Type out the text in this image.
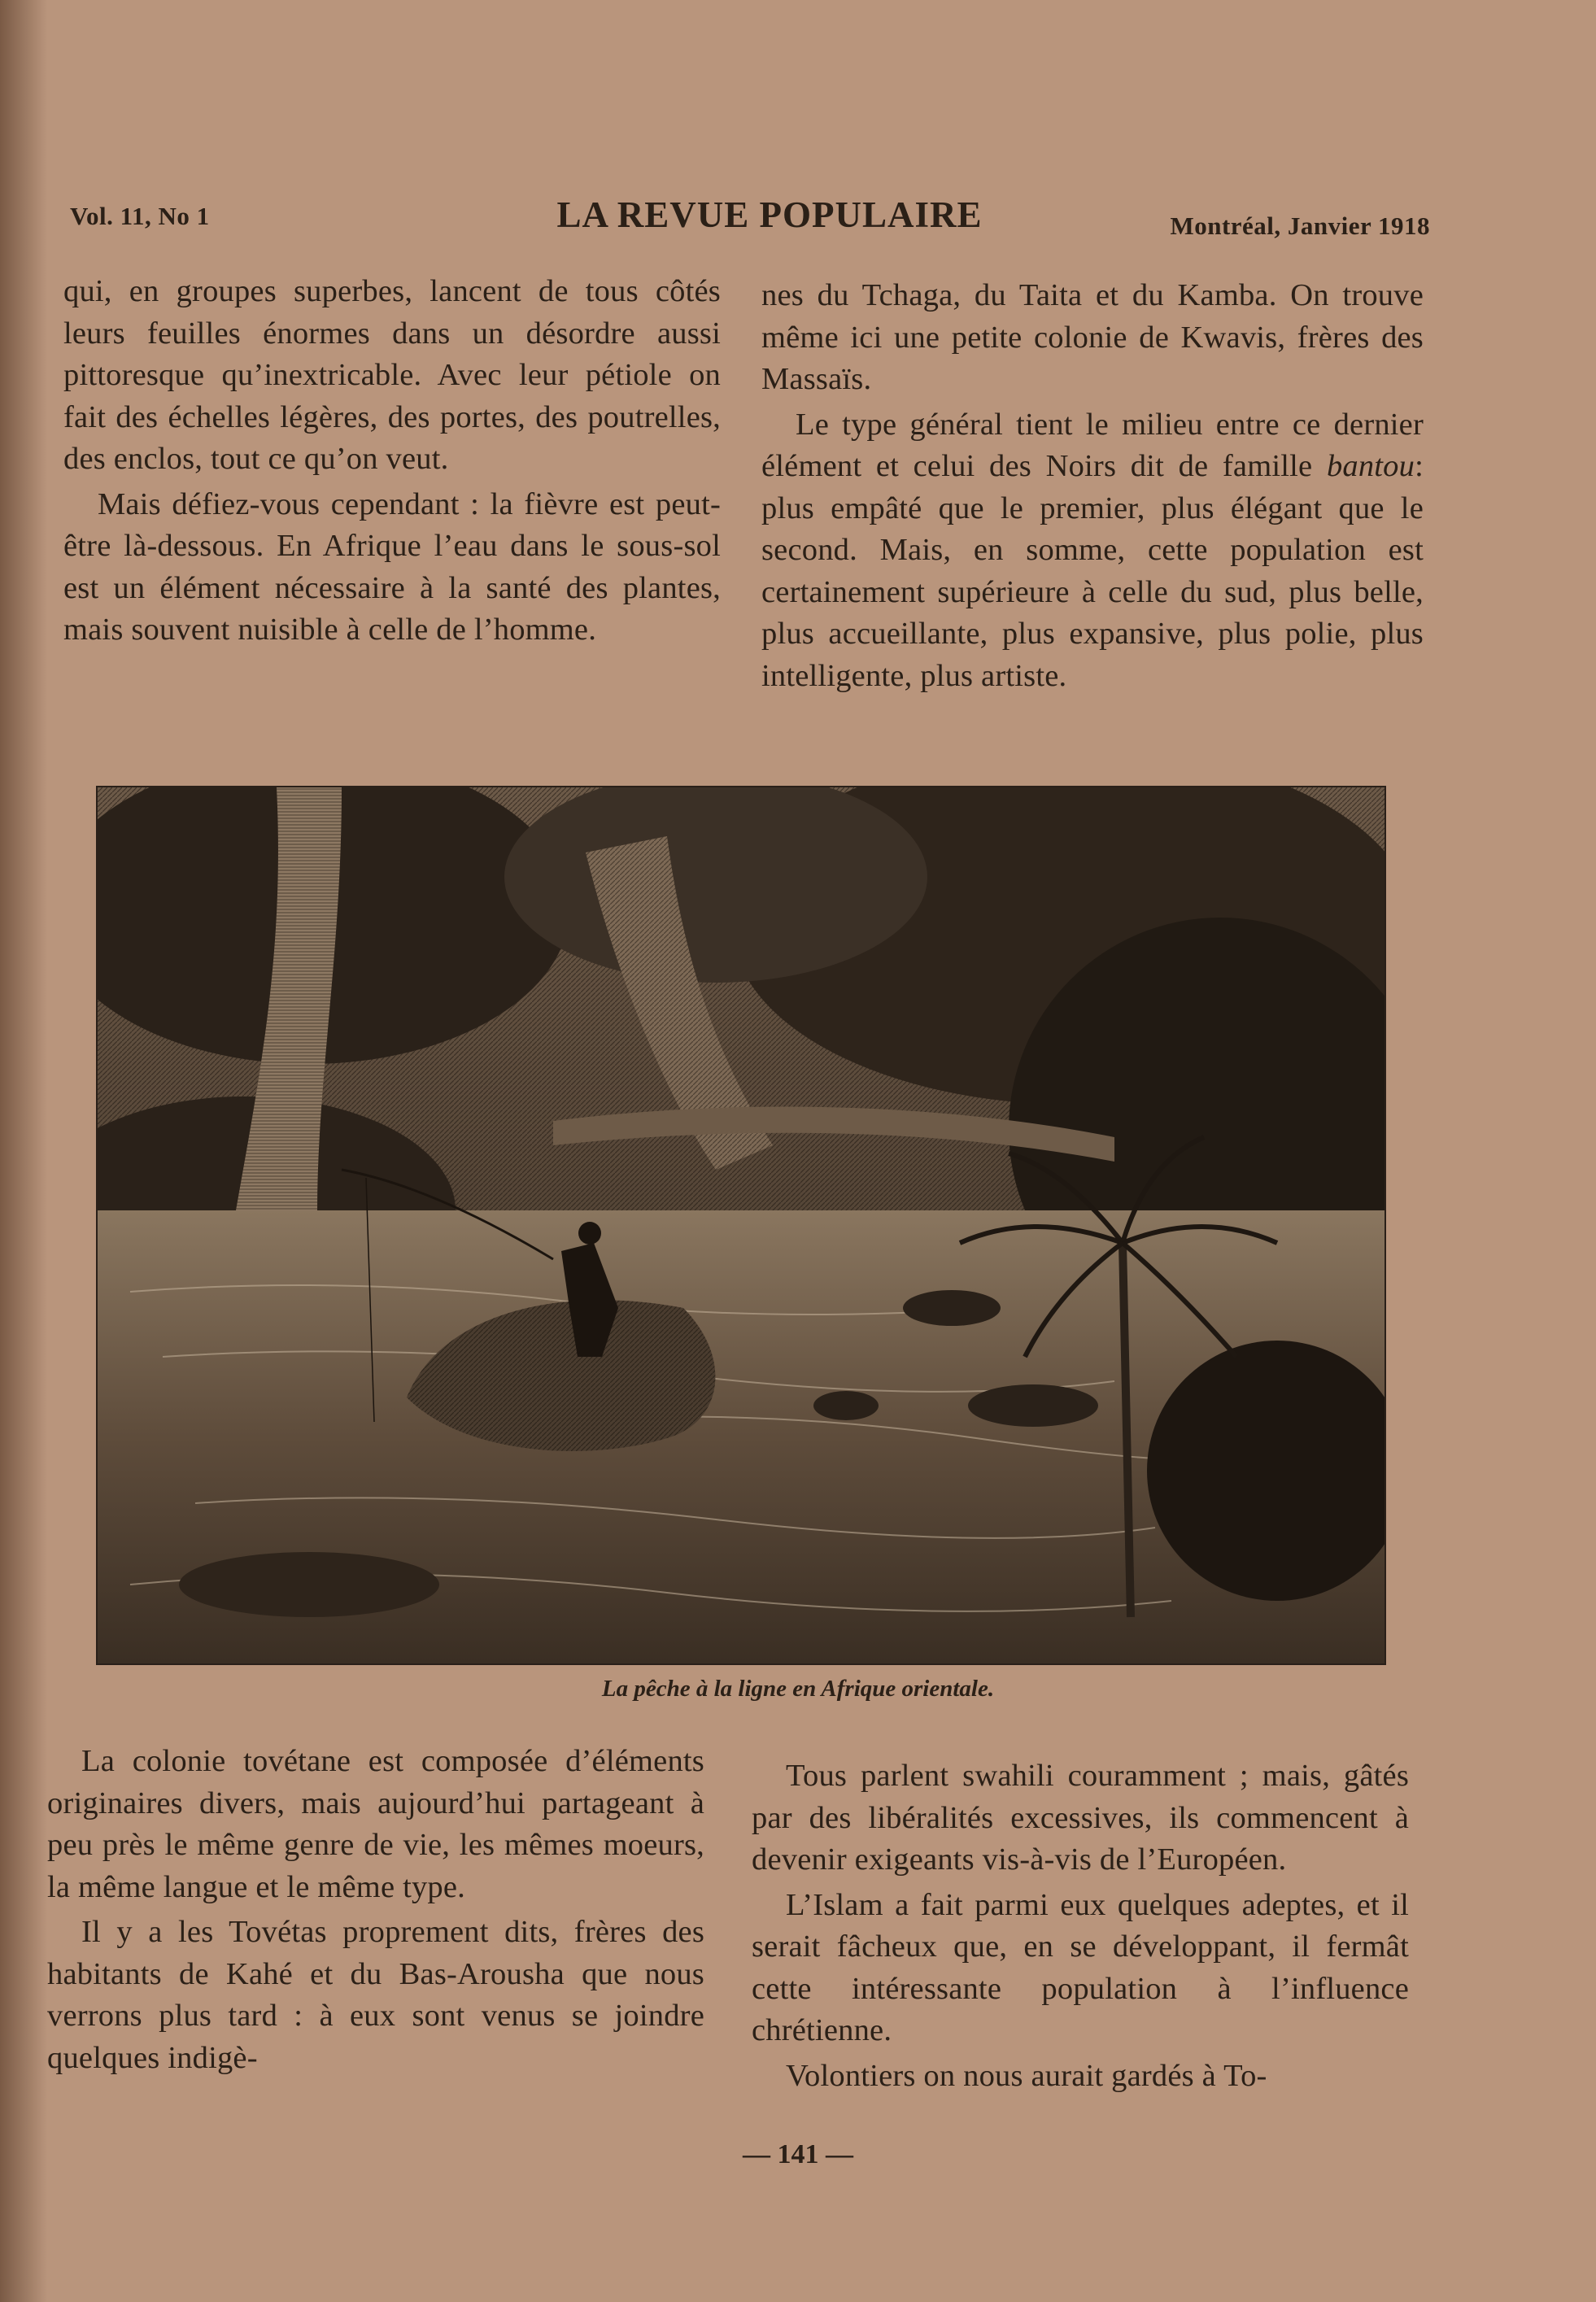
Vol. 11, No 1	LA REVUE POPULAIRE	Montréal, Janvier 1918

qui, en groupes superbes, lancent de tous côtés leurs feuilles énormes dans un désordre aussi pittoresque qu’inextricable. Avec leur pétiole on fait des échelles légères, des portes, des poutrelles, des enclos, tout ce qu’on veut.

Mais défiez-vous cependant : la fièvre est peut-être là-dessous. En Afrique l’eau dans le sous-sol est un élément nécessaire à la santé des plantes, mais souvent nuisible à celle de l’homme.

nes du Tchaga, du Taita et du Kamba. On trouve même ici une petite colonie de Kwavis, frères des Massaïs.

Le type général tient le milieu entre ce dernier élément et celui des Noirs dit de famille bantou: plus empâté que le premier, plus élégant que le second. Mais, en somme, cette population est certainement supérieure à celle du sud, plus belle, plus accueillante, plus expansive, plus polie, plus intelligente, plus artiste.

La pêche à la ligne en Afrique orientale.

La colonie tovétane est composée d’éléments originaires divers, mais aujourd’hui partageant à peu près le même genre de vie, les mêmes moeurs, la même langue et le même type.

Il y a les Tovétas proprement dits, frères des habitants de Kahé et du Bas-Arousha que nous verrons plus tard : à eux sont venus se joindre quelques indigè-

Tous parlent swahili couramment ; mais, gâtés par des libéralités excessives, ils commencent à devenir exigeants vis-à-vis de l’Européen.

L’Islam a fait parmi eux quelques adeptes, et il serait fâcheux que, en se développant, il fermât cette intéressante population à l’influence chrétienne.

Volontiers on nous aurait gardés à To-

— 141 —
